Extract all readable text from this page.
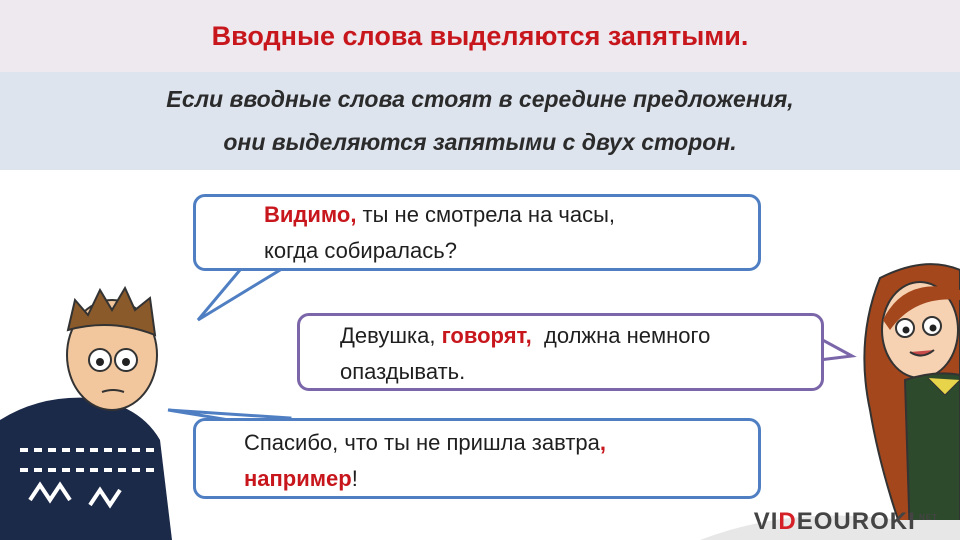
Вводные слова выделяются запятыми.
Если вводные слова стоят в середине предложения,
они выделяются запятыми с двух сторон.
Видимо, ты не смотрела на часы,
когда собиралась?
Девушка, говорят,  должна немного
опаздывать.
Спасибо, что ты не пришла завтра,
например!
$VIDEOUROKI^{.NET}$
